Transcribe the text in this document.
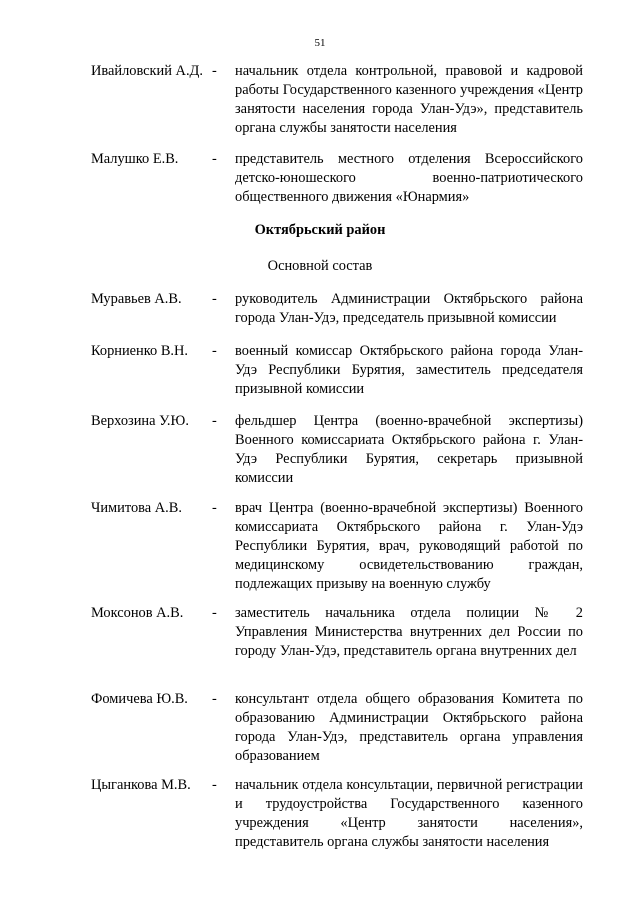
51
Ивайловский А.Д. - начальник отдела контрольной, правовой и кадровой работы Государственного казенного учреждения «Центр занятости населения города Улан-Удэ», представитель органа службы занятости населения
Малушко Е.В.	- представитель местного отделения Всероссийского детско-юношеского военно-патриотического общественного движения «Юнармия»
Октябрьский район
Основной состав
Муравьев А.В.	- руководитель Администрации Октябрьского района города Улан-Удэ, председатель призывной комиссии
Корниенко В.Н.	- военный комиссар Октябрьского района города Улан-Удэ Республики Бурятия, заместитель председателя призывной комиссии
Верхозина У.Ю.	- фельдшер Центра (военно-врачебной экспертизы) Военного комиссариата Октябрьского района г. Улан-Удэ Республики Бурятия, секретарь призывной комиссии
Чимитова А.В.	- врач Центра (военно-врачебной экспертизы) Военного комиссариата Октябрьского района г. Улан-Удэ Республики Бурятия, врач, руководящий работой по медицинскому освидетельствованию граждан, подлежащих призыву на военную службу
Моксонов А.В.	- заместитель начальника отдела полиции № 2 Управления Министерства внутренних дел России по городу Улан-Удэ, представитель органа внутренних дел
Фомичева Ю.В.	- консультант отдела общего образования Комитета по образованию Администрации Октябрьского района города Улан-Удэ, представитель органа управления образованием
Цыганкова М.В.	- начальник отдела консультации, первичной регистрации и трудоустройства Государственного казенного учреждения «Центр занятости населения», представитель органа службы занятости населения
